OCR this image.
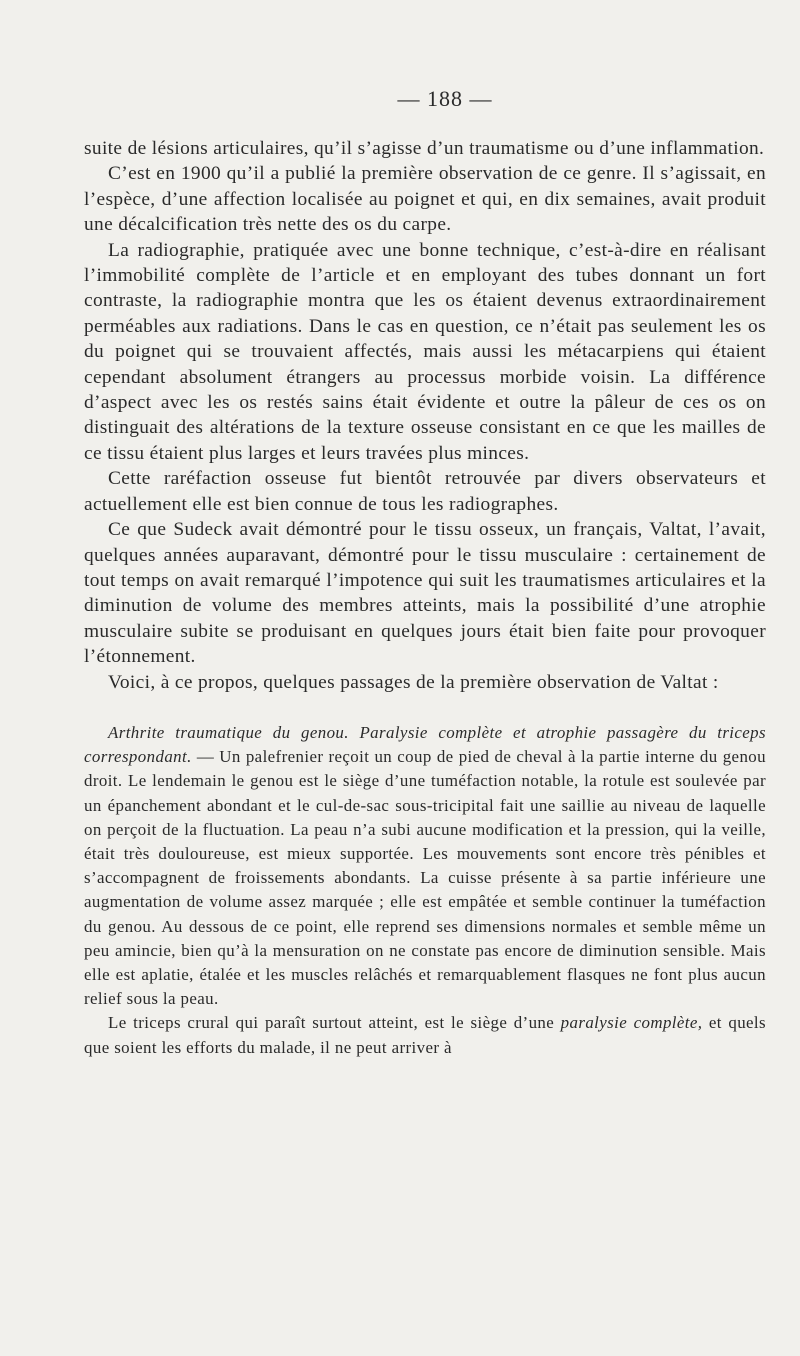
— 188 —

suite de lésions articulaires, qu’il s’agisse d’un traumatisme ou d’une inflammation.

C’est en 1900 qu’il a publié la première observation de ce genre. Il s’agissait, en l’espèce, d’une affection localisée au poignet et qui, en dix semaines, avait produit une décalcification très nette des os du carpe.

La radiographie, pratiquée avec une bonne technique, c’est-à-dire en réalisant l’immobilité complète de l’article et en employant des tubes donnant un fort contraste, la radiographie montra que les os étaient devenus extraordinairement perméables aux radiations. Dans le cas en question, ce n’était pas seulement les os du poignet qui se trouvaient affectés, mais aussi les métacarpiens qui étaient cependant absolument étrangers au processus morbide voisin. La différence d’aspect avec les os restés sains était évidente et outre la pâleur de ces os on distinguait des altérations de la texture osseuse consistant en ce que les mailles de ce tissu étaient plus larges et leurs travées plus minces.

Cette raréfaction osseuse fut bientôt retrouvée par divers observateurs et actuellement elle est bien connue de tous les radiographes.

Ce que Sudeck avait démontré pour le tissu osseux, un français, Valtat, l’avait, quelques années auparavant, démontré pour le tissu musculaire : certainement de tout temps on avait remarqué l’impotence qui suit les traumatismes articulaires et la diminution de volume des membres atteints, mais la possibilité d’une atrophie musculaire subite se produisant en quelques jours était bien faite pour provoquer l’étonnement.

Voici, à ce propos, quelques passages de la première observation de Valtat :

Arthrite traumatique du genou. Paralysie complète et atrophie passagère du triceps correspondant. — Un palefrenier reçoit un coup de pied de cheval à la partie interne du genou droit. Le lendemain le genou est le siège d’une tuméfaction notable, la rotule est soulevée par un épanchement abondant et le cul-de-sac sous-tricipital fait une saillie au niveau de laquelle on perçoit de la fluctuation. La peau n’a subi aucune modification et la pression, qui la veille, était très douloureuse, est mieux supportée. Les mouvements sont encore très pénibles et s’accompagnent de froissements abondants. La cuisse présente à sa partie inférieure une augmentation de volume assez marquée ; elle est empâtée et semble continuer la tuméfaction du genou. Au dessous de ce point, elle reprend ses dimensions normales et semble même un peu amincie, bien qu’à la mensuration on ne constate pas encore de diminution sensible. Mais elle est aplatie, étalée et les muscles relâchés et remarquablement flasques ne font plus aucun relief sous la peau.

Le triceps crural qui paraît surtout atteint, est le siège d’une paralysie complète, et quels que soient les efforts du malade, il ne peut arriver à
